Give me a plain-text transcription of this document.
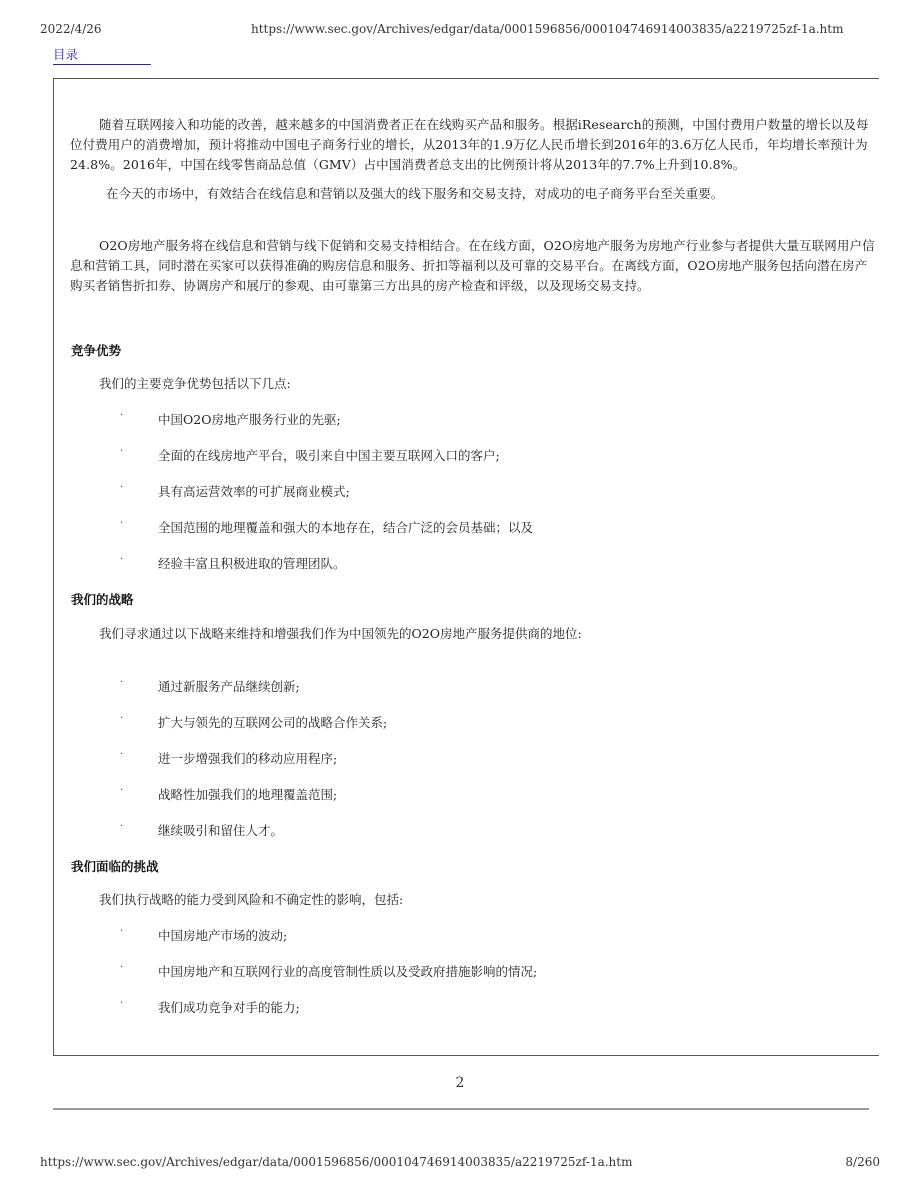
2022/4/26	https://www.sec.gov/Archives/edgar/data/0001596856/000104746914003835/a2219725zf-1a.htm
目录

随着互联网接入和功能的改善，越来越多的中国消费者正在在线购买产品和服务。根据iResearch的预测，中国付费用户数量的增长以及每位付费用户的消费增加，预计将推动中国电子商务行业的增长，从2013年的1.9万亿人民币增长到2016年的3.6万亿人民币，年均增长率预计为24.8%。2016年，中国在线零售商品总值（GMV）占中国消费者总支出的比例预计将从2013年的7.7%上升到10.8%。

在今天的市场中，有效结合在线信息和营销以及强大的线下服务和交易支持，对成功的电子商务平台至关重要。

O2O房地产服务将在线信息和营销与线下促销和交易支持相结合。在在线方面，O2O房地产服务为房地产行业参与者提供大量互联网用户信息和营销工具，同时潜在买家可以获得准确的购房信息和服务、折扣等福利以及可靠的交易平台。在离线方面，O2O房地产服务包括向潜在房产购买者销售折扣券、协调房产和展厅的参观、由可靠第三方出具的房产检查和评级，以及现场交易支持。

竞争优势

我们的主要竞争优势包括以下几点:

·	中国O2O房地产服务行业的先驱;
·	全面的在线房地产平台，吸引来自中国主要互联网入口的客户;
·	具有高运营效率的可扩展商业模式;
·	全国范围的地理覆盖和强大的本地存在，结合广泛的会员基础；以及
·	经验丰富且积极进取的管理团队。
我们的战略

我们寻求通过以下战略来维持和增强我们作为中国领先的O2O房地产服务提供商的地位:

·	通过新服务产品继续创新;
·	扩大与领先的互联网公司的战略合作关系;
·	进一步增强我们的移动应用程序;
·	战略性加强我们的地理覆盖范围;
·	继续吸引和留住人才。
我们面临的挑战

我们执行战略的能力受到风险和不确定性的影响，包括:

·	中国房地产市场的波动;
·	中国房地产和互联网行业的高度管制性质以及受政府措施影响的情况;
·	我们成功竞争对手的能力;
2
https://www.sec.gov/Archives/edgar/data/0001596856/000104746914003835/a2219725zf-1a.htm	8/260
